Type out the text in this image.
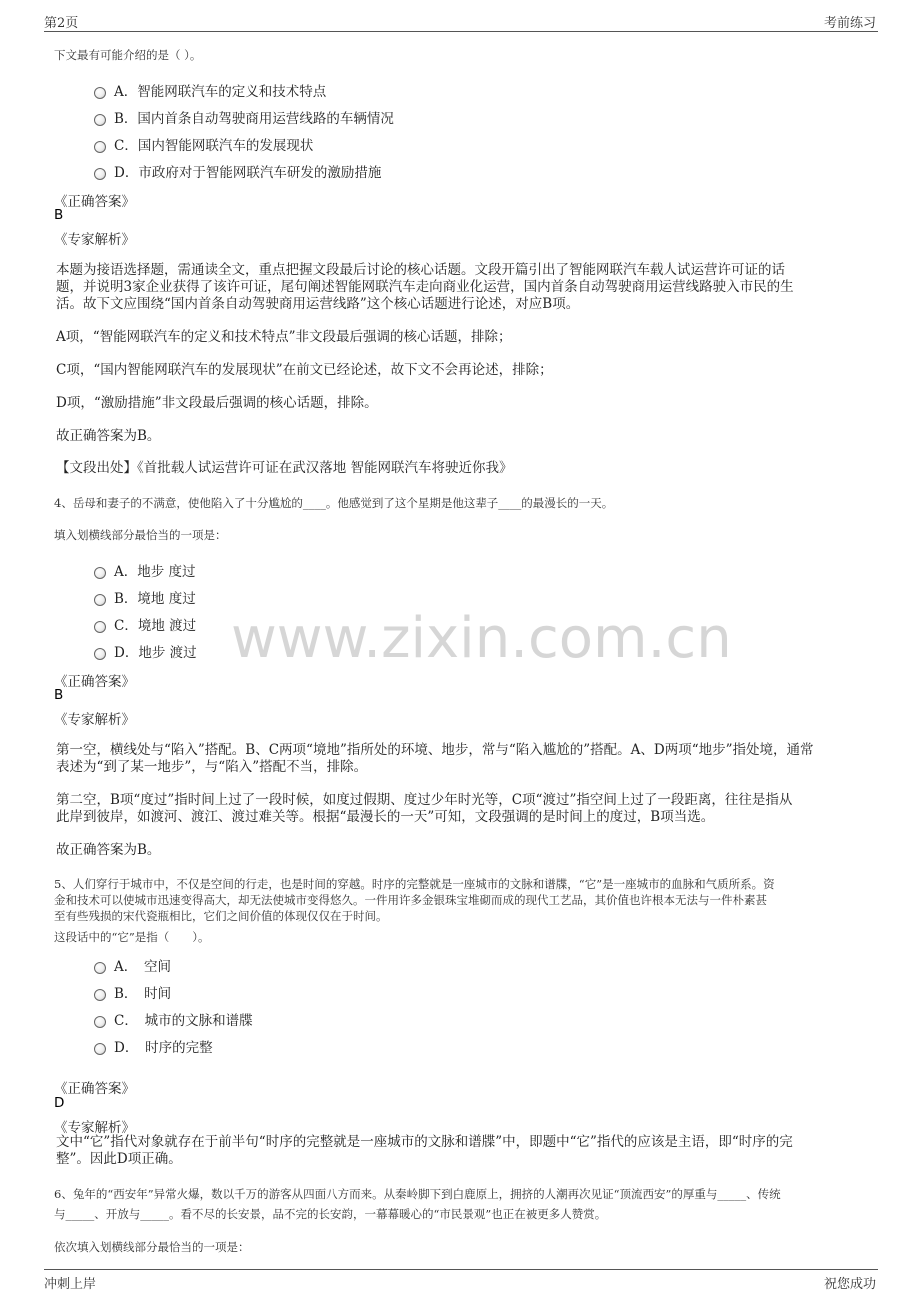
第2页	考前练习
www.zixin.com.cn
下文最有可能介绍的是（ ）。
A．智能网联汽车的定义和技术特点
B．国内首条自动驾驶商用运营线路的车辆情况
C．国内智能网联汽车的发展现状
D．市政府对于智能网联汽车研发的激励措施
《正确答案》
B
《专家解析》
本题为接语选择题，需通读全文，重点把握文段最后讨论的核心话题。文段开篇引出了智能网联汽车载人试运营许可证的话
题，并说明3家企业获得了该许可证，尾句阐述智能网联汽车走向商业化运营，国内首条自动驾驶商用运营线路驶入市民的生
活。故下文应围绕“国内首条自动驾驶商用运营线路”这个核心话题进行论述，对应B项。
A项，“智能网联汽车的定义和技术特点”非文段最后强调的核心话题，排除；
C项，“国内智能网联汽车的发展现状”在前文已经论述，故下文不会再论述，排除；
D项，“激励措施”非文段最后强调的核心话题，排除。
故正确答案为B。
【文段出处】《首批载人试运营许可证在武汉落地 智能网联汽车将驶近你我》
4、岳母和妻子的不满意，使他陷入了十分尴尬的____。他感觉到了这个星期是他这辈子____的最漫长的一天。
填入划横线部分最恰当的一项是：
A．地步 度过
B．境地 度过
C．境地 渡过
D．地步 渡过
《正确答案》
B
《专家解析》
第一空，横线处与“陷入”搭配。B、C两项“境地”指所处的环境、地步，常与“陷入尴尬的”搭配。A、D两项“地步”指处境，通常
表述为“到了某一地步”，与“陷入”搭配不当，排除。
第二空，B项“度过”指时间上过了一段时候，如度过假期、度过少年时光等，C项“渡过”指空间上过了一段距离，往往是指从
此岸到彼岸，如渡河、渡江、渡过难关等。根据“最漫长的一天”可知，文段强调的是时间上的度过，B项当选。
故正确答案为B。
5、人们穿行于城市中，不仅是空间的行走，也是时间的穿越。时序的完整就是一座城市的文脉和谱牒，“它”是一座城市的血脉和气质所系。资
金和技术可以使城市迅速变得高大，却无法使城市变得悠久。一件用许多金银珠宝堆砌而成的现代工艺品，其价值也许根本无法与一件朴素甚
至有些残损的宋代瓷瓶相比，它们之间价值的体现仅仅在于时间。
这段话中的“它”是指（　　）。
A．　空间
B．　时间
C．　城市的文脉和谱牒
D．　时序的完整
《正确答案》
D
《专家解析》
文中“它”指代对象就存在于前半句“时序的完整就是一座城市的文脉和谱牒”中，即题中“它”指代的应该是主语，即“时序的完
整”。因此D项正确。
6、兔年的“西安年”异常火爆，数以千万的游客从四面八方而来。从秦岭脚下到白鹿原上，拥挤的人潮再次见证“顶流西安”的厚重与_____、传统
与_____、开放与_____。看不尽的长安景，品不完的长安韵，一幕幕暖心的“市民景观”也正在被更多人赞赏。
依次填入划横线部分最恰当的一项是：
冲刺上岸	祝您成功
